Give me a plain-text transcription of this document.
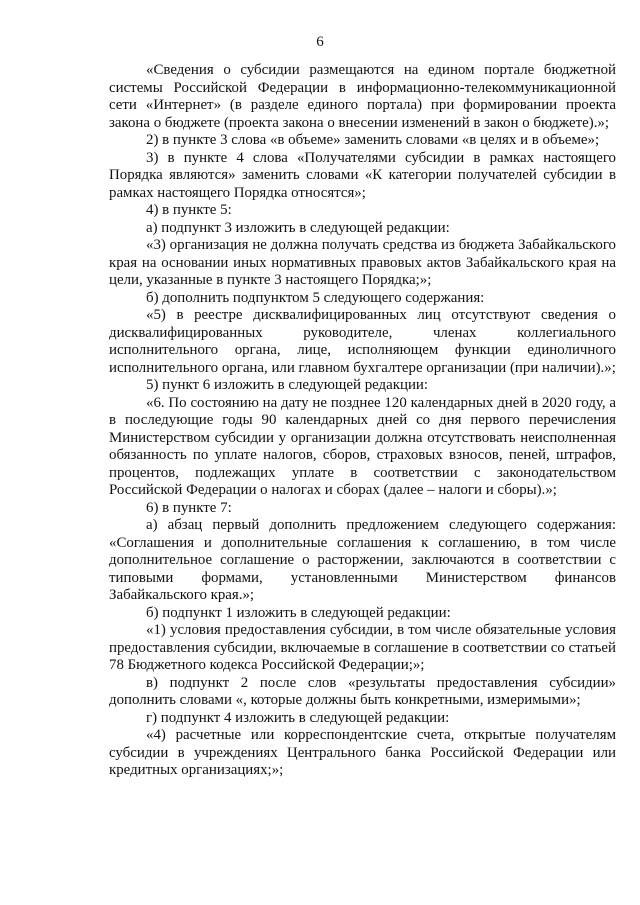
6

«Сведения о субсидии размещаются на едином портале бюджетной системы Российской Федерации в информационно-телекоммуникационной сети «Интернет» (в разделе единого портала) при формировании проекта закона о бюджете (проекта закона о внесении изменений в закон о бюджете).»;

2) в пункте 3 слова «в объеме» заменить словами «в целях и в объеме»;

3) в пункте 4 слова «Получателями субсидии в рамках настоящего Порядка являются» заменить словами «К категории получателей субсидии в рамках настоящего Порядка относятся»;

4) в пункте 5:

а) подпункт 3 изложить в следующей редакции:

«3) организация не должна получать средства из бюджета Забайкальского края на основании иных нормативных правовых актов Забайкальского края на цели, указанные в пункте 3 настоящего Порядка;»;

б) дополнить подпунктом 5 следующего содержания:

«5) в реестре дисквалифицированных лиц отсутствуют сведения о дисквалифицированных руководителе, членах коллегиального исполнительного органа, лице, исполняющем функции единоличного исполнительного органа, или главном бухгалтере организации (при наличии).»;

5) пункт 6 изложить в следующей редакции:

«6. По состоянию на дату не позднее 120 календарных дней в 2020 году, а в последующие годы 90 календарных дней со дня первого перечисления Министерством субсидии у организации должна отсутствовать неисполненная обязанность по уплате налогов, сборов, страховых взносов, пеней, штрафов, процентов, подлежащих уплате в соответствии с законодательством Российской Федерации о налогах и сборах (далее – налоги и сборы).»;

6) в пункте 7:

а) абзац первый дополнить предложением следующего содержания: «Соглашения и дополнительные соглашения к соглашению, в том числе дополнительное соглашение о расторжении, заключаются в соответствии с типовыми формами, установленными Министерством финансов Забайкальского края.»;

б) подпункт 1 изложить в следующей редакции:

«1) условия предоставления субсидии, в том числе обязательные условия предоставления субсидии, включаемые в соглашение в соответствии со статьей 78 Бюджетного кодекса Российской Федерации;»;

в) подпункт 2 после слов «результаты предоставления субсидии» дополнить словами «, которые должны быть конкретными, измеримыми»;

г) подпункт 4 изложить в следующей редакции:

«4) расчетные или корреспондентские счета, открытые получателям субсидии в учреждениях Центрального банка Российской Федерации или кредитных организациях;»;
